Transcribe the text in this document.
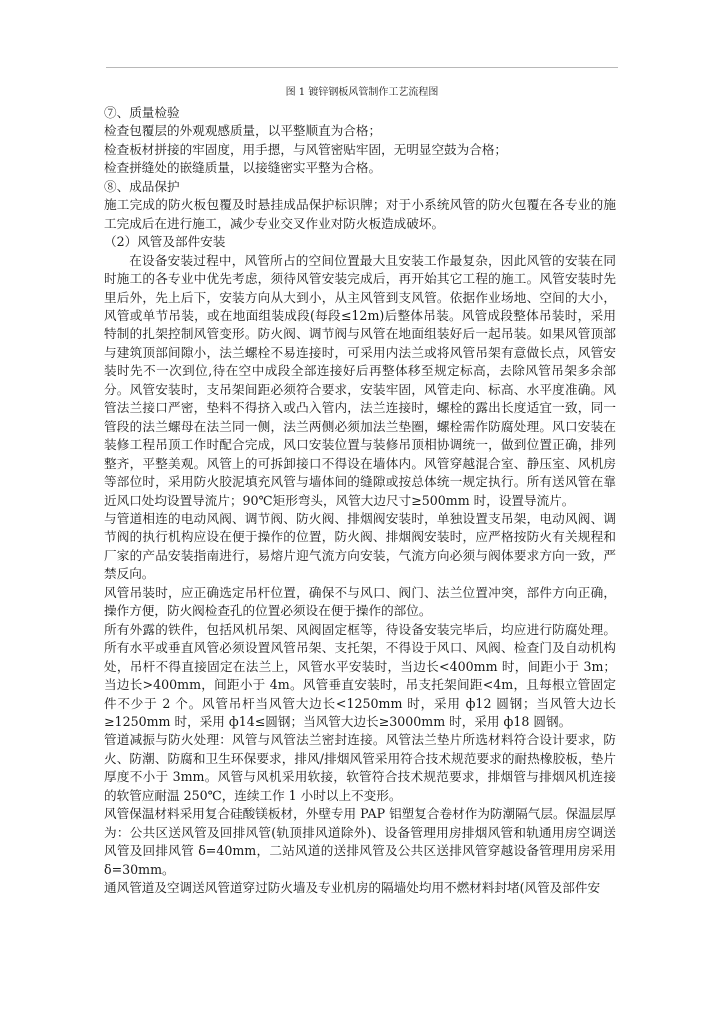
图 1 镀锌钢板风管制作工艺流程图

⑦、质量检验

检查包覆层的外观观感质量，以平整顺直为合格；

检查板材拼接的牢固度，用手摁，与风管密贴牢固，无明显空鼓为合格；

检查拼缝处的嵌缝质量，以接缝密实平整为合格。

⑧、成品保护

施工完成的防火板包覆及时悬挂成品保护标识牌；对于小系统风管的防火包覆在各专业的施工完成后在进行施工，减少专业交叉作业对防火板造成破坏。

（2）风管及部件安装

在设备安装过程中，风管所占的空间位置最大且安装工作最复杂，因此风管的安装在同时施工的各专业中优先考虑，须待风管安装完成后，再开始其它工程的施工。风管安装时先里后外，先上后下，安装方向从大到小，从主风管到支风管。依据作业场地、空间的大小，风管或单节吊装，或在地面组装成段(每段≤12m)后整体吊装。风管成段整体吊装时，采用特制的扎架控制风管变形。防火阀、调节阀与风管在地面组装好后一起吊装。如果风管顶部与建筑顶部间隙小，法兰螺栓不易连接时，可采用内法兰或将风管吊架有意做长点，风管安装时先不一次到位,待在空中成段全部连接好后再整体移至规定标高，去除风管吊架多余部分。风管安装时，支吊架间距必须符合要求，安装牢固，风管走向、标高、水平度准确。风管法兰接口严密，垫料不得挤入或凸入管内，法兰连接时，螺栓的露出长度适宜一致，同一管段的法兰螺母在法兰同一侧，法兰两侧必须加法兰垫圈，螺栓需作防腐处理。风口安装在装修工程吊顶工作时配合完成，风口安装位置与装修吊顶相协调统一，做到位置正确，排列整齐，平整美观。风管上的可拆卸接口不得设在墙体内。风管穿越混合室、静压室、风机房等部位时，采用防火胶泥填充风管与墙体间的缝隙或按总体统一规定执行。所有送风管在靠近风口处均设置导流片；90℃矩形弯头，风管大边尺寸≥500mm 时，设置导流片。

与管道相连的电动风阀、调节阀、防火阀、排烟阀安装时，单独设置支吊架，电动风阀、调节阀的执行机构应设在便于操作的位置，防火阀、排烟阀安装时，应严格按防火有关规程和厂家的产品安装指南进行，易熔片迎气流方向安装，气流方向必须与阀体要求方向一致，严禁反向。

风管吊装时，应正确选定吊杆位置，确保不与风口、阀门、法兰位置冲突，部件方向正确，操作方便，防火阀检查孔的位置必须设在便于操作的部位。

所有外露的铁件，包括风机吊架、风阀固定框等，待设备安装完毕后，均应进行防腐处理。所有水平或垂直风管必须设置风管吊架、支托架，不得设于风口、风阀、检查门及自动机构处，吊杆不得直接固定在法兰上，风管水平安装时，当边长<400mm 时，间距小于 3m；当边长>400mm，间距小于 4m。风管垂直安装时，吊支托架间距<4m，且每根立管固定件不少于 2 个。风管吊杆当风管大边长<1250mm 时，采用 ф12 圆钢；当风管大边长≥1250mm 时，采用 ф14≤圆钢；当风管大边长≥3000mm 时，采用 ф18 圆钢。

管道减振与防火处理：风管与风管法兰密封连接。风管法兰垫片所选材料符合设计要求，防火、防潮、防腐和卫生环保要求，排风/排烟风管采用符合技术规范要求的耐热橡胶板，垫片厚度不小于 3mm。风管与风机采用软接，软管符合技术规范要求，排烟管与排烟风机连接的软管应耐温 250℃，连续工作 1 小时以上不变形。

风管保温材料采用复合硅酸镁板材，外壁专用 PAP 铝塑复合卷材作为防潮隔气层。保温层厚为：公共区送风管及回排风管(轨顶排风道除外)、设备管理用房排烟风管和轨通用房空调送风管及回排风管 δ=40mm，二站风道的送排风管及公共区送排风管穿越设备管理用房采用 δ=30mm。

通风管道及空调送风管道穿过防火墙及专业机房的隔墙处均用不燃材料封堵(风管及部件安
